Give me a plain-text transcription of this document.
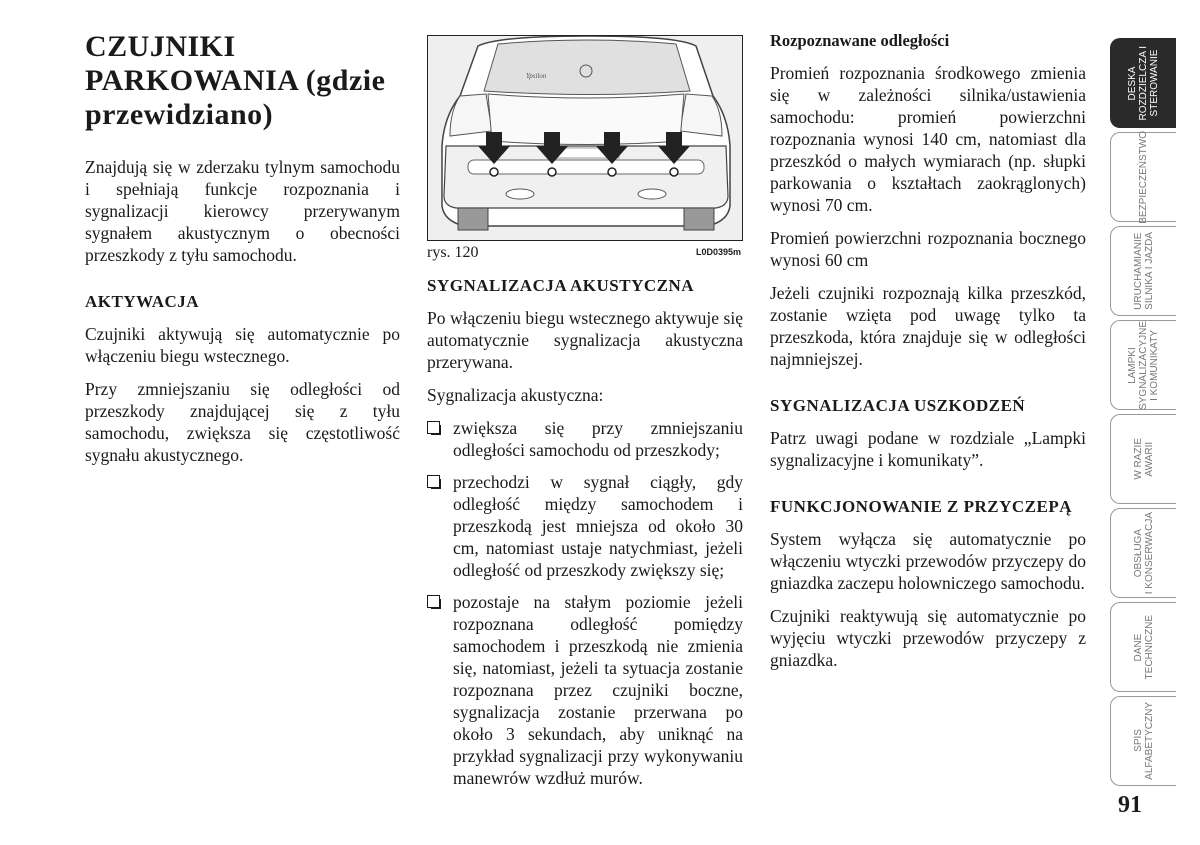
CZUJNIKI PARKOWANIA (gdzie przewidziano)

Znajdują się w zderzaku tylnym samochodu i spełniają funkcje rozpoznania i sygnalizacji kierowcy przerywanym sygnałem akustycznym o obecności przeszkody z tyłu samochodu.

AKTYWACJA

Czujniki aktywują się automatycznie po włączeniu biegu wstecznego.

Przy zmniejszaniu się odległości od przeszkody znajdującej się z tyłu samochodu, zwiększa się częstotliwość sygnału akustycznego.

Ypsilon
rys. 120	L0D0395m
SYGNALIZACJA AKUSTYCZNA

Po włączeniu biegu wstecznego aktywuje się automatycznie sygnalizacja akustyczna przerywana.

Sygnalizacja akustyczna:

zwiększa się przy zmniejszaniu odległości samochodu od przeszkody;
przechodzi w sygnał ciągły, gdy odległość między samochodem i przeszkodą jest mniejsza od około 30 cm, natomiast ustaje natychmiast, jeżeli odległość od przeszkody zwiększy się;
pozostaje na stałym poziomie jeżeli rozpoznana odległość pomiędzy samochodem i przeszkodą nie zmienia się, natomiast, jeżeli ta sytuacja zostanie rozpoznana przez czujniki boczne, sygnalizacja zostanie przerwana po około 3 sekundach, aby uniknąć na przykład sygnalizacji przy wykonywaniu manewrów wzdłuż murów.
Rozpoznawane odległości

Promień rozpoznania środkowego zmienia się w zależności silnika/ustawienia samochodu: promień powierzchni rozpoznania wynosi 140 cm, natomiast dla przeszkód o małych wymiarach (np. słupki parkowania o kształtach zaokrąglonych) wynosi 70 cm.

Promień powierzchni rozpoznania bocznego wynosi 60 cm

Jeżeli czujniki rozpoznają kilka przeszkód, zostanie wzięta pod uwagę tylko ta przeszkoda, która znajduje się w odległości najmniejszej.

SYGNALIZACJA USZKODZEŃ

Patrz uwagi podane w rozdziale „Lampki sygnalizacyjne i komunikaty”.

FUNKCJONOWANIE Z PRZYCZEPĄ

System wyłącza się automatycznie po włączeniu wtyczki przewodów przyczepy do gniazdka zaczepu holowniczego samochodu.

Czujniki reaktywują się automatycznie po wyjęciu wtyczki przewodów przyczepy z gniazdka.

DESKA
ROZDZIELCZA I
STEROWANIE
BEZPIECZEŃSTWO
URUCHAMIANIE
SILNIKA I JAZDA
LAMPKI
SYGNALIZACYJNE
I KOMUNIKATY
W RAZIE
AWARII
OBSŁUGA
I KONSERWACJA
DANE
TECHNICZNE
SPIS
ALFABETYCZNY
91
